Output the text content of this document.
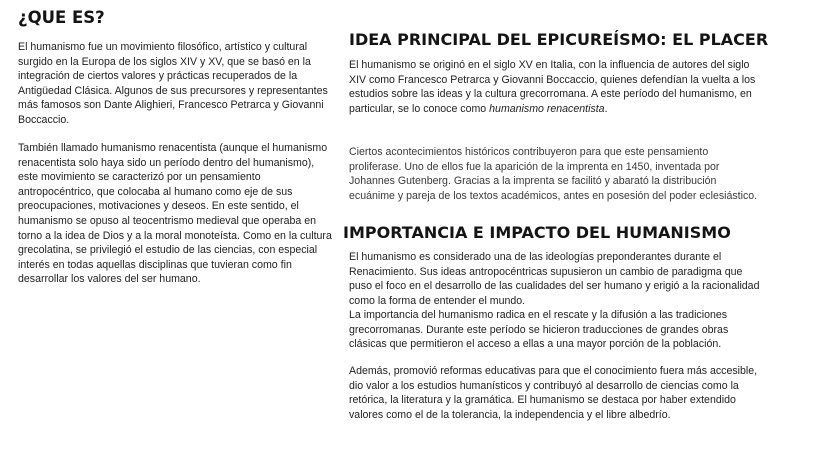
¿QUE ES?

El humanismo fue un movimiento filosófico, artístico y cultural surgido en la Europa de los siglos XIV y XV, que se basó en la integración de ciertos valores y prácticas recuperados de la Antigüedad Clásica. Algunos de sus precursores y representantes más famosos son Dante Alighieri, Francesco Petrarca y Giovanni Boccaccio.

También llamado humanismo renacentista (aunque el humanismo renacentista solo haya sido un período dentro del humanismo), este movimiento se caracterizó por un pensamiento antropocéntrico, que colocaba al humano como eje de sus preocupaciones, motivaciones y deseos. En este sentido, el humanismo se opuso al teocentrismo medieval que operaba en torno a la idea de Dios y a la moral monoteísta. Como en la cultura grecolatina, se privilegió el estudio de las ciencias, con especial interés en todas aquellas disciplinas que tuvieran como fin desarrollar los valores del ser humano.

IDEA PRINCIPAL DEL EPICUREÍSMO: EL PLACER

El humanismo se originó en el siglo XV en Italia, con la influencia de autores del siglo XIV como Francesco Petrarca y Giovanni Boccaccio, quienes defendían la vuelta a los estudios sobre las ideas y la cultura grecorromana. A este período del humanismo, en particular, se lo conoce como humanismo renacentista.

Ciertos acontecimientos históricos contribuyeron para que este pensamiento proliferase. Uno de ellos fue la aparición de la imprenta en 1450, inventada por Johannes Gutenberg. Gracias a la imprenta se facilitó y abarató la distribución ecuánime y pareja de los textos académicos, antes en posesión del poder eclesiástico.

IMPORTANCIA E IMPACTO DEL HUMANISMO

El humanismo es considerado una de las ideologías preponderantes durante el Renacimiento. Sus ideas antropocéntricas supusieron un cambio de paradigma que puso el foco en el desarrollo de las cualidades del ser humano y erigió a la racionalidad como la forma de entender el mundo.

La importancia del humanismo radica en el rescate y la difusión a las tradiciones grecorromanas. Durante este período se hicieron traducciones de grandes obras clásicas que permitieron el acceso a ellas a una mayor porción de la población.

Además, promovió reformas educativas para que el conocimiento fuera más accesible, dio valor a los estudios humanísticos y contribuyó al desarrollo de ciencias como la retórica, la literatura y la gramática. El humanismo se destaca por haber extendido valores como el de la tolerancia, la independencia y el libre albedrío.
